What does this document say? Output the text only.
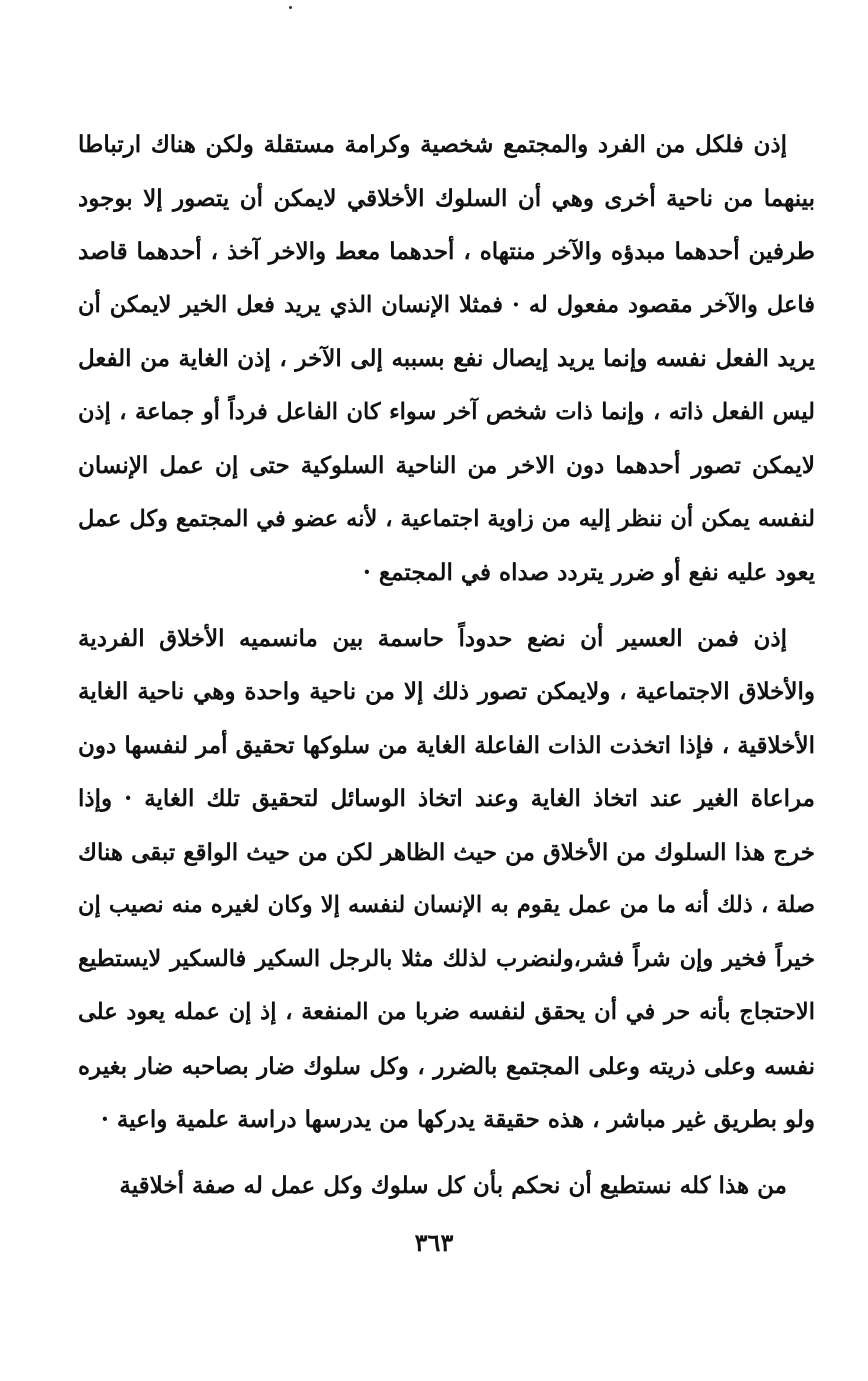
إذن فلكل من الفرد والمجتمع شخصية وكرامة مستقلة ولكن هناك ارتباطا
بينهما من ناحية أخرى وهي أن السلوك الأخلاقي لايمكن أن يتصور إلا بوجود
طرفين أحدهما مبدؤه والآخر منتهاه ، أحدهما معط والاخر آخذ ، أحدهما قاصد
فاعل والآخر مقصود مفعول له · فمثلا الإنسان الذي يريد فعل الخير لايمكن أن
يريد الفعل نفسه وإنما يريد إيصال نفع بسببه إلى الآخر ، إذن الغاية من الفعل
ليس الفعل ذاته ، وإنما ذات شخص آخر سواء كان الفاعل فرداً أو جماعة ، إذن
لايمكن تصور أحدهما دون الاخر من الناحية السلوكية حتى إن عمل الإنسان
لنفسه يمكن أن ننظر إليه من زاوية اجتماعية ، لأنه عضو في المجتمع وكل عمل
يعود عليه نفع أو ضرر يتردد صداه في المجتمع ·
إذن فمن العسير أن نضع حدوداً حاسمة بين مانسميه الأخلاق الفردية
والأخلاق الاجتماعية ، ولايمكن تصور ذلك إلا من ناحية واحدة وهي ناحية الغاية
الأخلاقية ، فإذا اتخذت الذات الفاعلة الغاية من سلوكها تحقيق أمر لنفسها دون
مراعاة الغير عند اتخاذ الغاية وعند اتخاذ الوسائل لتحقيق تلك الغاية · وإذا
خرج هذا السلوك من الأخلاق من حيث الظاهر لكن من حيث الواقع تبقى هناك
صلة ، ذلك أنه ما من عمل يقوم به الإنسان لنفسه إلا وكان لغيره منه نصيب إن
خيراً فخير وإن شراً فشر،ولنضرب لذلك مثلا بالرجل السكير فالسكير لايستطيع
الاحتجاج بأنه حر في أن يحقق لنفسه ضربا من المنفعة ، إذ إن عمله يعود على
نفسه وعلى ذريته وعلى المجتمع بالضرر ، وكل سلوك ضار بصاحبه ضار بغيره
ولو بطريق غير مباشر ، هذه حقيقة يدركها من يدرسها دراسة علمية واعية ·
من هذا كله نستطيع أن نحكم بأن كل سلوك وكل عمل له صفة أخلاقية
٣٦٣
